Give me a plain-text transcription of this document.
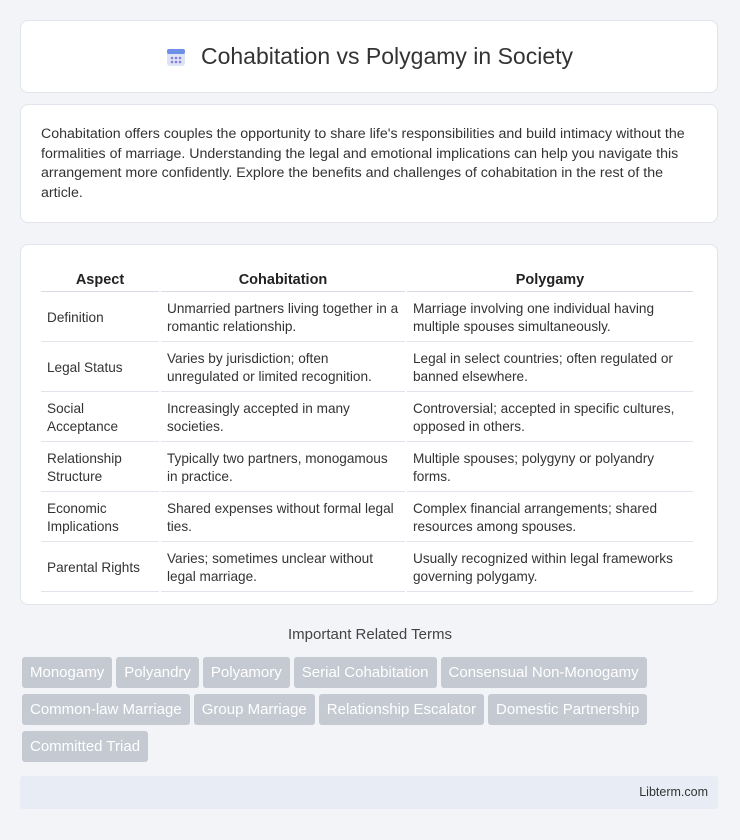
Cohabitation vs Polygamy in Society

Cohabitation offers couples the opportunity to share life's responsibilities and build intimacy without the formalities of marriage. Understanding the legal and emotional implications can help you navigate this arrangement more confidently. Explore the benefits and challenges of cohabitation in the rest of the article.

Aspect	Cohabitation	Polygamy
Definition	Unmarried partners living together in a romantic relationship.	Marriage involving one individual having multiple spouses simultaneously.
Legal Status	Varies by jurisdiction; often unregulated or limited recognition.	Legal in select countries; often regulated or banned elsewhere.
Social Acceptance	Increasingly accepted in many societies.	Controversial; accepted in specific cultures, opposed in others.
Relationship Structure	Typically two partners, monogamous in practice.	Multiple spouses; polygyny or polyandry forms.
Economic Implications	Shared expenses without formal legal ties.	Complex financial arrangements; shared resources among spouses.
Parental Rights	Varies; sometimes unclear without legal marriage.	Usually recognized within legal frameworks governing polygamy.
Important Related Terms
Monogamy Polyandry Polyamory Serial Cohabitation Consensual Non-Monogamy
Common-law Marriage Group Marriage Relationship Escalator Domestic Partnership
Committed Triad
Libterm.com
